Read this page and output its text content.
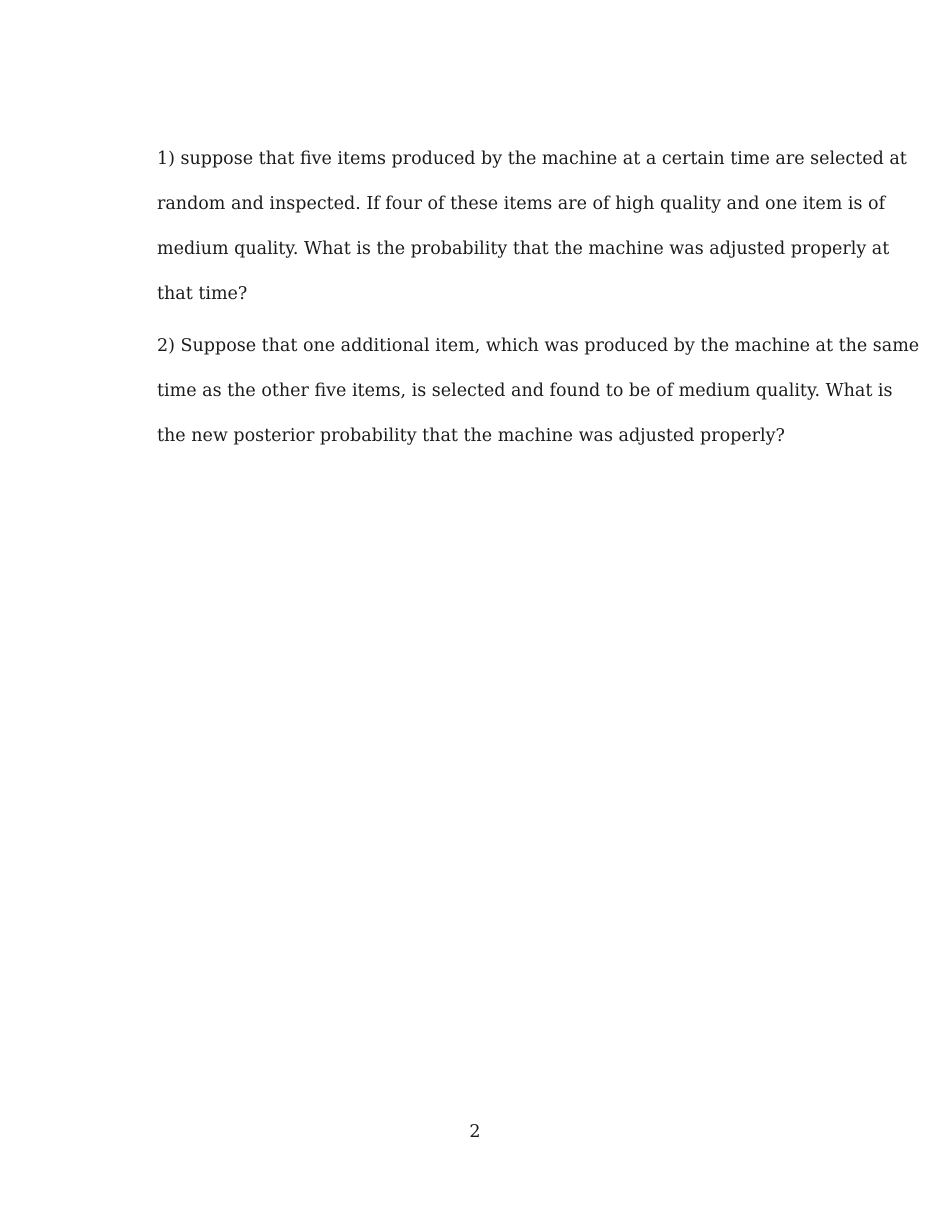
1) suppose that five items produced by the machine at a certain time are selected at
random and inspected. If four of these items are of high quality and one item is of
medium quality. What is the probability that the machine was adjusted properly at
that time?
2) Suppose that one additional item, which was produced by the machine at the same
time as the other five items, is selected and found to be of medium quality. What is
the new posterior probability that the machine was adjusted properly?
2
